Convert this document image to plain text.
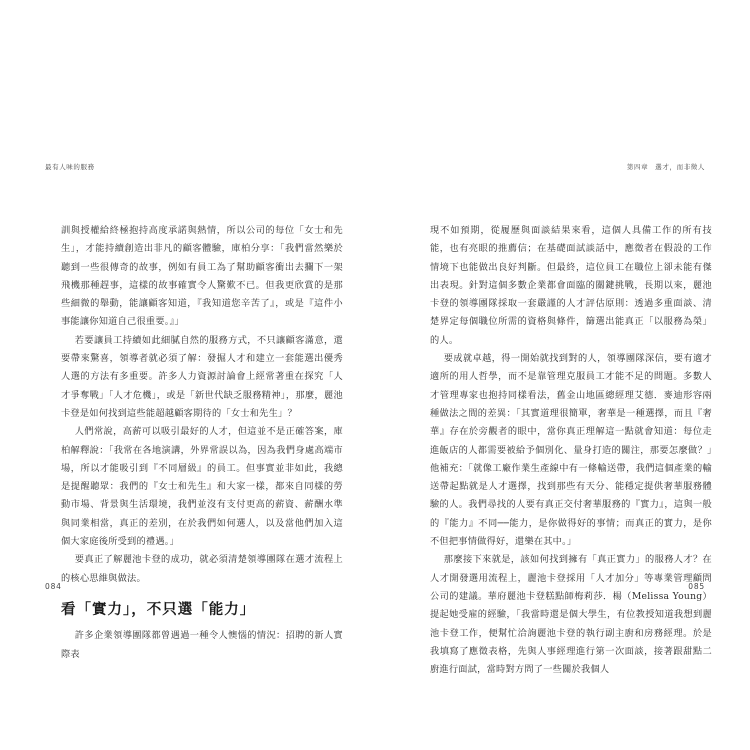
最有人味的服務

訓與授權給終極抱持高度承諾與熱情，所以公司的每位「女士和先生」，才能持續創造出非凡的顧客體驗，庫柏分享：「我們當然樂於聽到一些很傳奇的故事，例如有員工為了幫助顧客衝出去攔下一架飛機那種趕事，這樣的故事確實令人驚歎不已。但我更欣賞的是那些細微的舉動，能讓顧客知道，『我知道您辛苦了』，或是『這件小事能讓你知道自己很重要。』」

若要讓員工持續如此細膩自然的服務方式，不只讓顧客滿意，還要帶來驚喜，領導者就必須了解：發掘人才和建立一套能選出優秀人選的方法有多重要。許多人力資源討論會上經常著重在探究「人才爭奪戰」「人才危機」，或是「新世代缺乏服務精神」，那麼，麗池卡登是如何找到這些能超越顧客期待的「女士和先生」？

人們常說，高薪可以吸引最好的人才，但這並不是正確答案，庫柏解釋說：「我常在各地演講，外界常誤以為，因為我們身處高端市場，所以才能吸引到『不同層級』的員工。但事實並非如此，我總是提醒聽眾：我們的『女士和先生』和大家一樣，都來自同樣的勞動市場、背景與生活環境，我們並沒有支付更高的薪資、薪酬水準與同業相當，真正的差別，在於我們如何選人，以及當他們加入這個大家庭後所受到的禮遇。」

要真正了解麗池卡登的成功，就必須清楚領導團隊在選才流程上的核心思維與做法。

看「實力」，不只選「能力」

許多企業領導團隊都曾遇過一種令人懊惱的情況：招聘的新人實際表

084
第四章　選才，而非徵人

現不如預期，從履歷與面談結果來看，這個人具備工作的所有技能，也有亮眼的推薦信；在基礎面試談話中，應徵者在假設的工作情境下也能做出良好判斷。但最終，這位員工在職位上卻未能有傑出表現。針對這個多數企業都會面臨的關鍵挑戰，長期以來，麗池卡登的領導團隊採取一套嚴謹的人才評估原則：透過多重面談、清楚界定每個職位所需的資格與條件，篩選出能真正「以服務為榮」的人。

要成就卓越，得一開始就找到對的人，領導團隊深信，要有適才適所的用人哲學，而不是靠管理克服員工才能不足的問題。多數人才管理專家也抱持同樣看法，舊金山地區總經理艾德．麥迪形容兩種做法之間的差異：「其實道理很簡單，奢華是一種選擇，而且『奢華』存在於旁觀者的眼中，當你真正理解這一點就會知道：每位走進飯店的人都需要被給予個別化、量身打造的關注，那要怎麼做？」他補充：「就像工廠作業生產線中有一條輸送帶，我們這個產業的輸送帶起點就是人才選擇，找到那些有天分、能穩定提供奢華服務體驗的人。我們尋找的人要有真正交付奢華服務的『實力』，這與一般的『能力』不同──能力，是你做得好的事情；而真正的實力，是你不但把事情做得好，還樂在其中。」

那麼接下來就是，該如何找到擁有「真正實力」的服務人才？在人才開發選用流程上，麗池卡登採用「人才加分」等專業管理顧問公司的建議。華府麗池卡登糕點師梅莉莎．楊（Melissa Young）提起她受雇的經驗，「我當時還是個大學生，有位教授知道我想到麗池卡登工作，便幫忙洽詢麗池卡登的執行副主廚和房務經理。於是我填寫了應徵表格，先與人事經理進行第一次面談，接著跟甜點二廚進行面試，當時對方問了一些關於我個人

085
